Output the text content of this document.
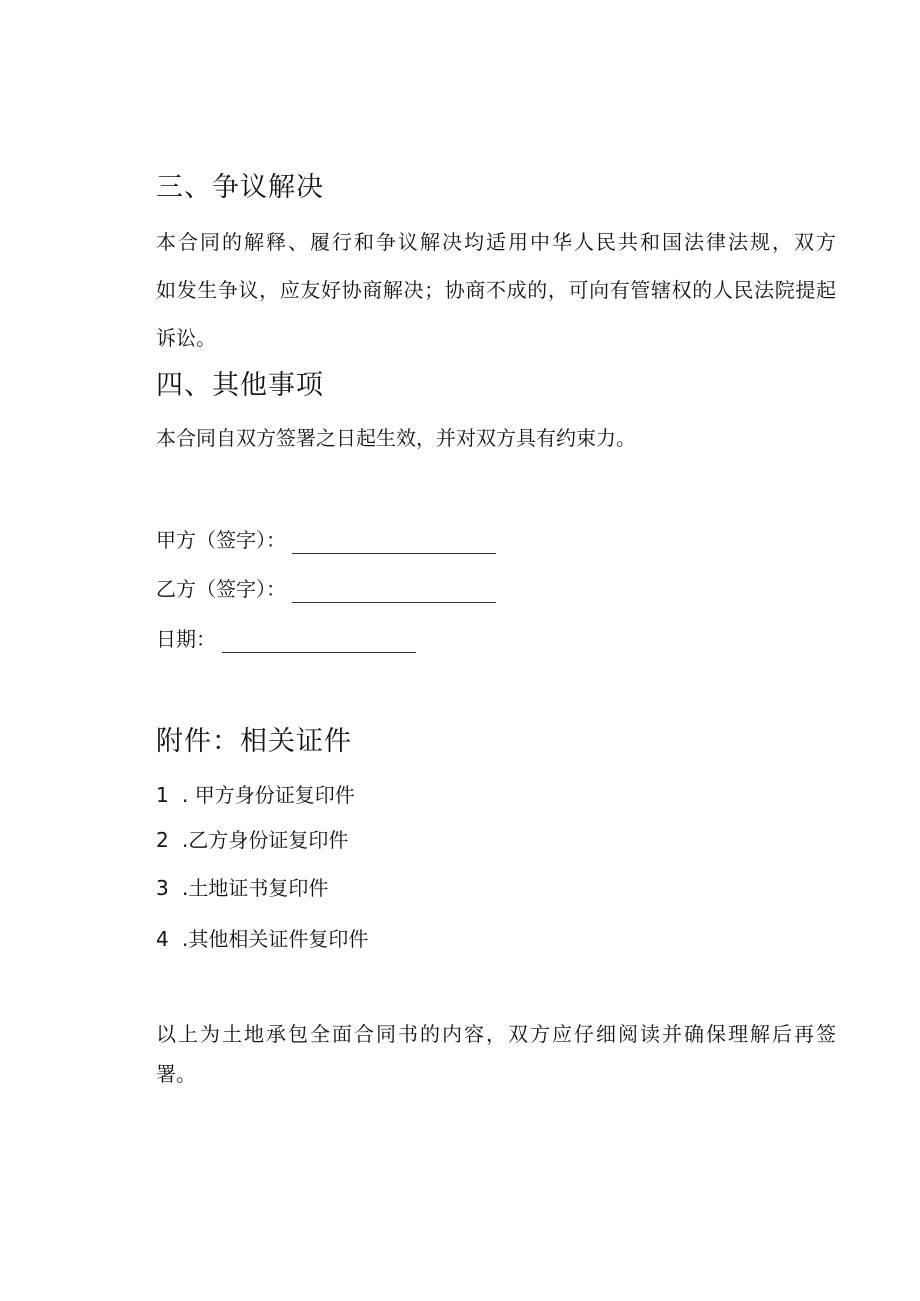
三、争议解决
本合同的解释、履行和争议解决均适用中华人民共和国法律法规，双方
如发生争议，应友好协商解决；协商不成的，可向有管辖权的人民法院提起
诉讼。
四、其他事项
本合同自双方签署之日起生效，并对双方具有约束力。
甲方（签字）：
乙方（签字）：
日期：
附件：相关证件
1 . 甲方身份证复印件
2 .乙方身份证复印件
3 .土地证书复印件
4 .其他相关证件复印件
以上为土地承包全面合同书的内容，双方应仔细阅读并确保理解后再签
署。
